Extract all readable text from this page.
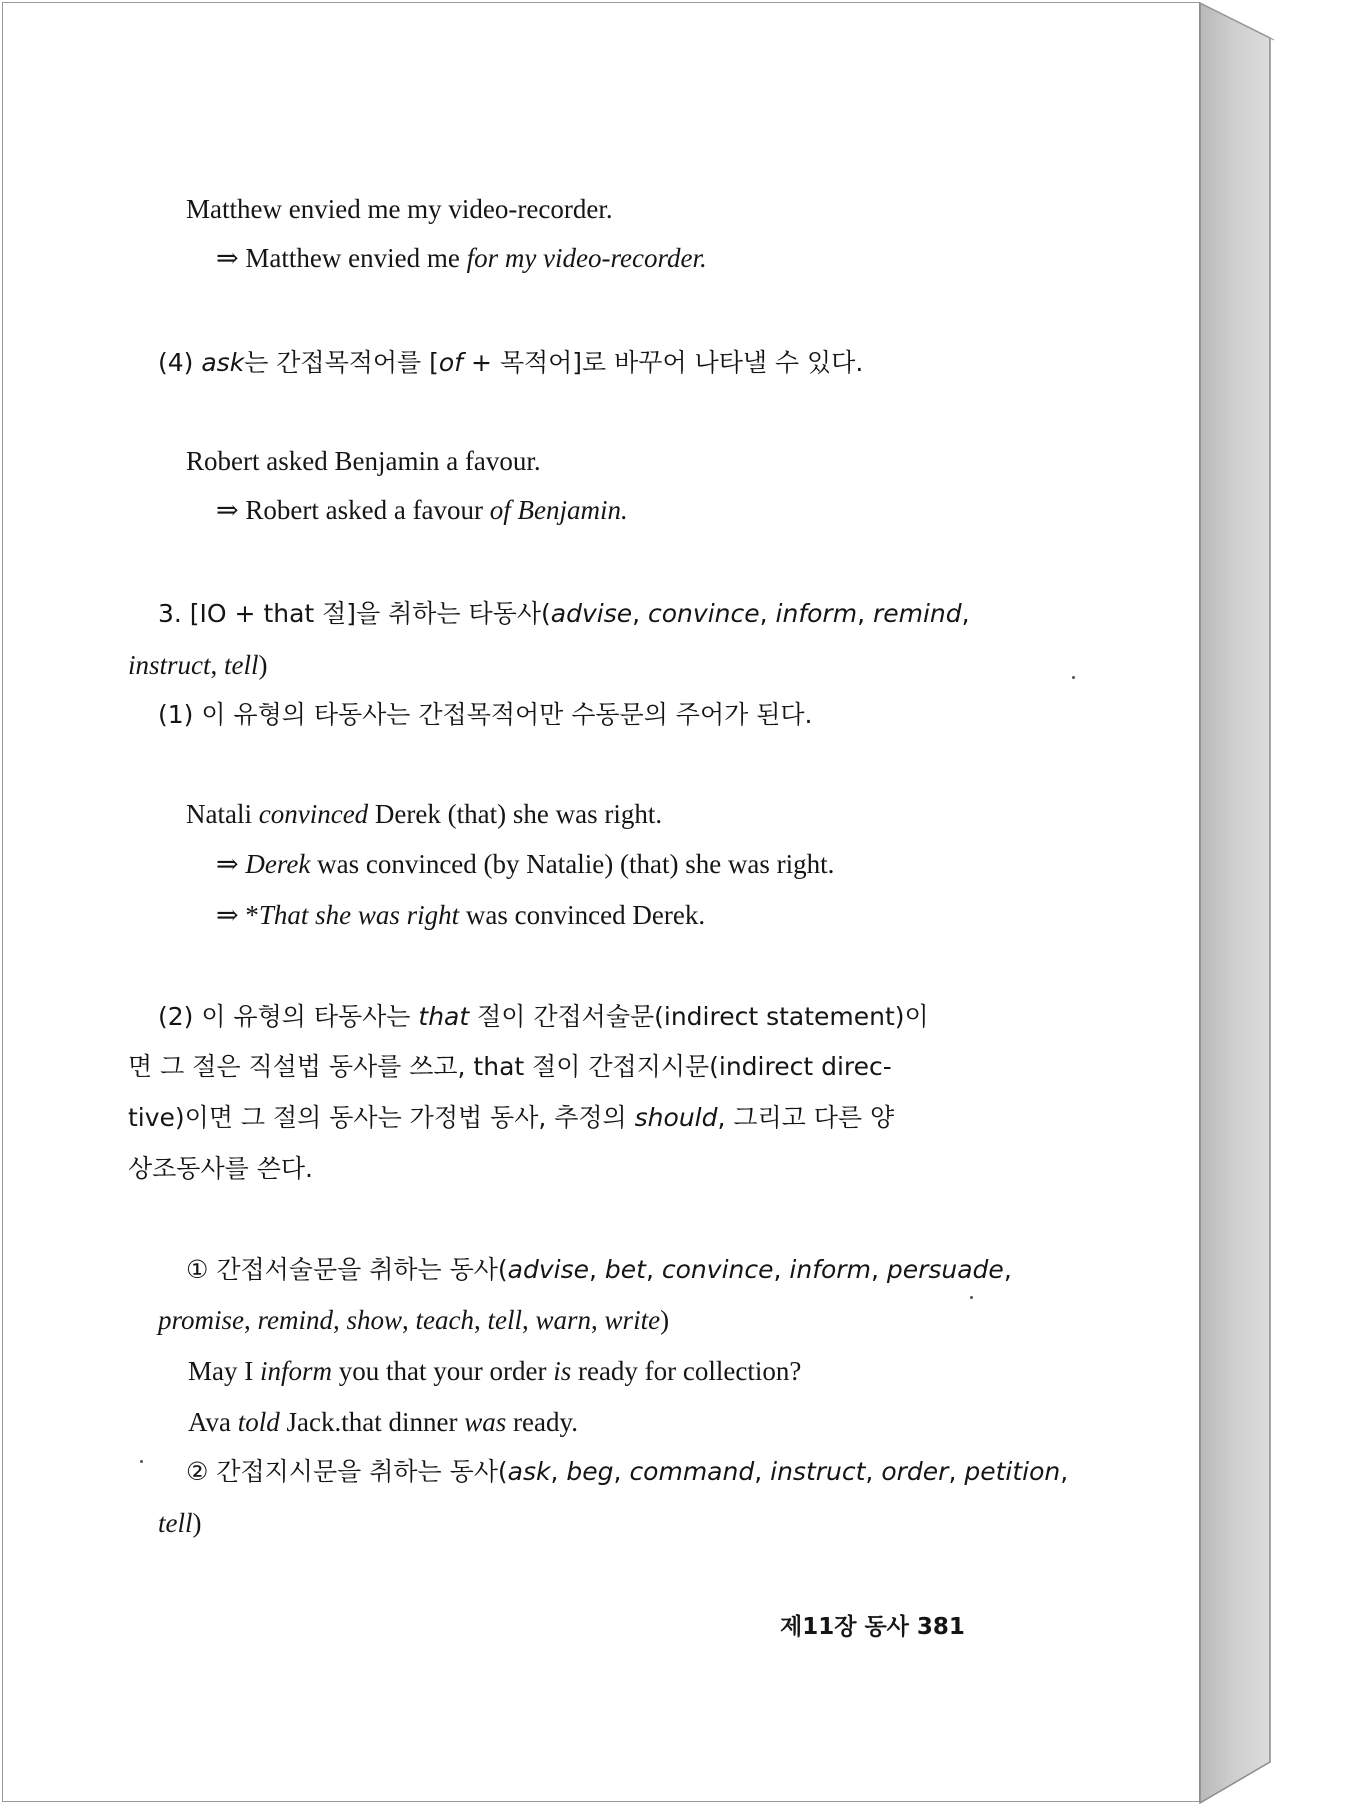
Matthew envied me my video-recorder.
⇒ Matthew envied me for my video-recorder.
(4) ask는 간접목적어를 [of + 목적어]로 바꾸어 나타낼 수 있다.
Robert asked Benjamin a favour.
⇒ Robert asked a favour of Benjamin.
3. [IO + that 절]을 취하는 타동사(advise, convince, inform, remind,
instruct, tell)
(1) 이 유형의 타동사는 간접목적어만 수동문의 주어가 된다.
Natali convinced Derek (that) she was right.
⇒ Derek was convinced (by Natalie) (that) she was right.
⇒ *That she was right was convinced Derek.
(2) 이 유형의 타동사는 that 절이 간접서술문(indirect statement)이
면 그 절은 직설법 동사를 쓰고, that 절이 간접지시문(indirect direc-
tive)이면 그 절의 동사는 가정법 동사, 추정의 should, 그리고 다른 양
상조동사를 쓴다.
① 간접서술문을 취하는 동사(advise, bet, convince, inform, persuade,
promise, remind, show, teach, tell, warn, write)
May I inform you that your order is ready for collection?
Ava told Jack.that dinner was ready.
② 간접지시문을 취하는 동사(ask, beg, command, instruct, order, petition,
tell)
제11장 동사 381
